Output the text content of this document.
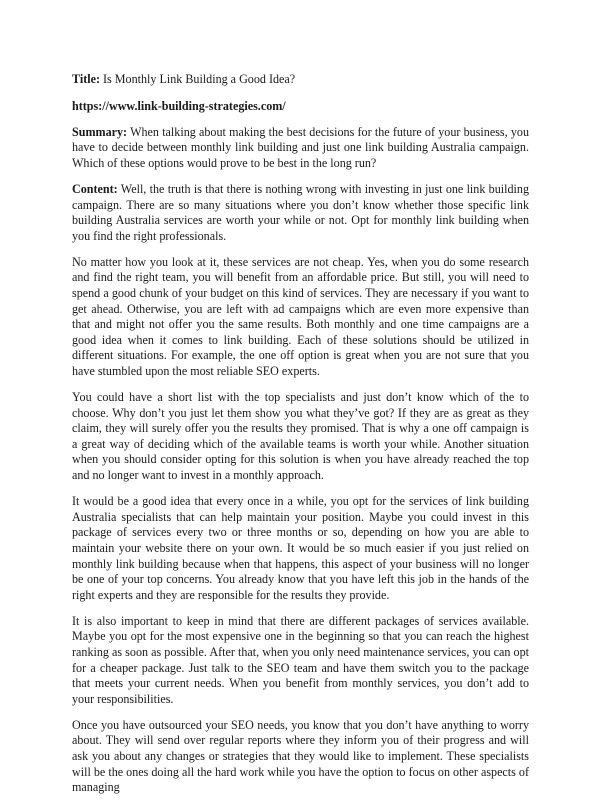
Title: Is Monthly Link Building a Good Idea?

https://www.link-building-strategies.com/

Summary: When talking about making the best decisions for the future of your business, you have to decide between monthly link building and just one link building Australia campaign. Which of these options would prove to be best in the long run?

Content: Well, the truth is that there is nothing wrong with investing in just one link building campaign. There are so many situations where you don’t know whether those specific link building Australia services are worth your while or not. Opt for monthly link building when you find the right professionals.

No matter how you look at it, these services are not cheap. Yes, when you do some research and find the right team, you will benefit from an affordable price. But still, you will need to spend a good chunk of your budget on this kind of services. They are necessary if you want to get ahead. Otherwise, you are left with ad campaigns which are even more expensive than that and might not offer you the same results. Both monthly and one time campaigns are a good idea when it comes to link building. Each of these solutions should be utilized in different situations. For example, the one off option is great when you are not sure that you have stumbled upon the most reliable SEO experts.

You could have a short list with the top specialists and just don’t know which of the to choose. Why don’t you just let them show you what they’ve got? If they are as great as they claim, they will surely offer you the results they promised. That is why a one off campaign is a great way of deciding which of the available teams is worth your while. Another situation when you should consider opting for this solution is when you have already reached the top and no longer want to invest in a monthly approach.

It would be a good idea that every once in a while, you opt for the services of link building Australia specialists that can help maintain your position. Maybe you could invest in this package of services every two or three months or so, depending on how you are able to maintain your website there on your own. It would be so much easier if you just relied on monthly link building because when that happens, this aspect of your business will no longer be one of your top concerns. You already know that you have left this job in the hands of the right experts and they are responsible for the results they provide.

It is also important to keep in mind that there are different packages of services available. Maybe you opt for the most expensive one in the beginning so that you can reach the highest ranking as soon as possible. After that, when you only need maintenance services, you can opt for a cheaper package. Just talk to the SEO team and have them switch you to the package that meets your current needs. When you benefit from monthly services, you don’t add to your responsibilities.

Once you have outsourced your SEO needs, you know that you don’t have anything to worry about. They will send over regular reports where they inform you of their progress and will ask you about any changes or strategies that they would like to implement. These specialists will be the ones doing all the hard work while you have the option to focus on other aspects of managing
